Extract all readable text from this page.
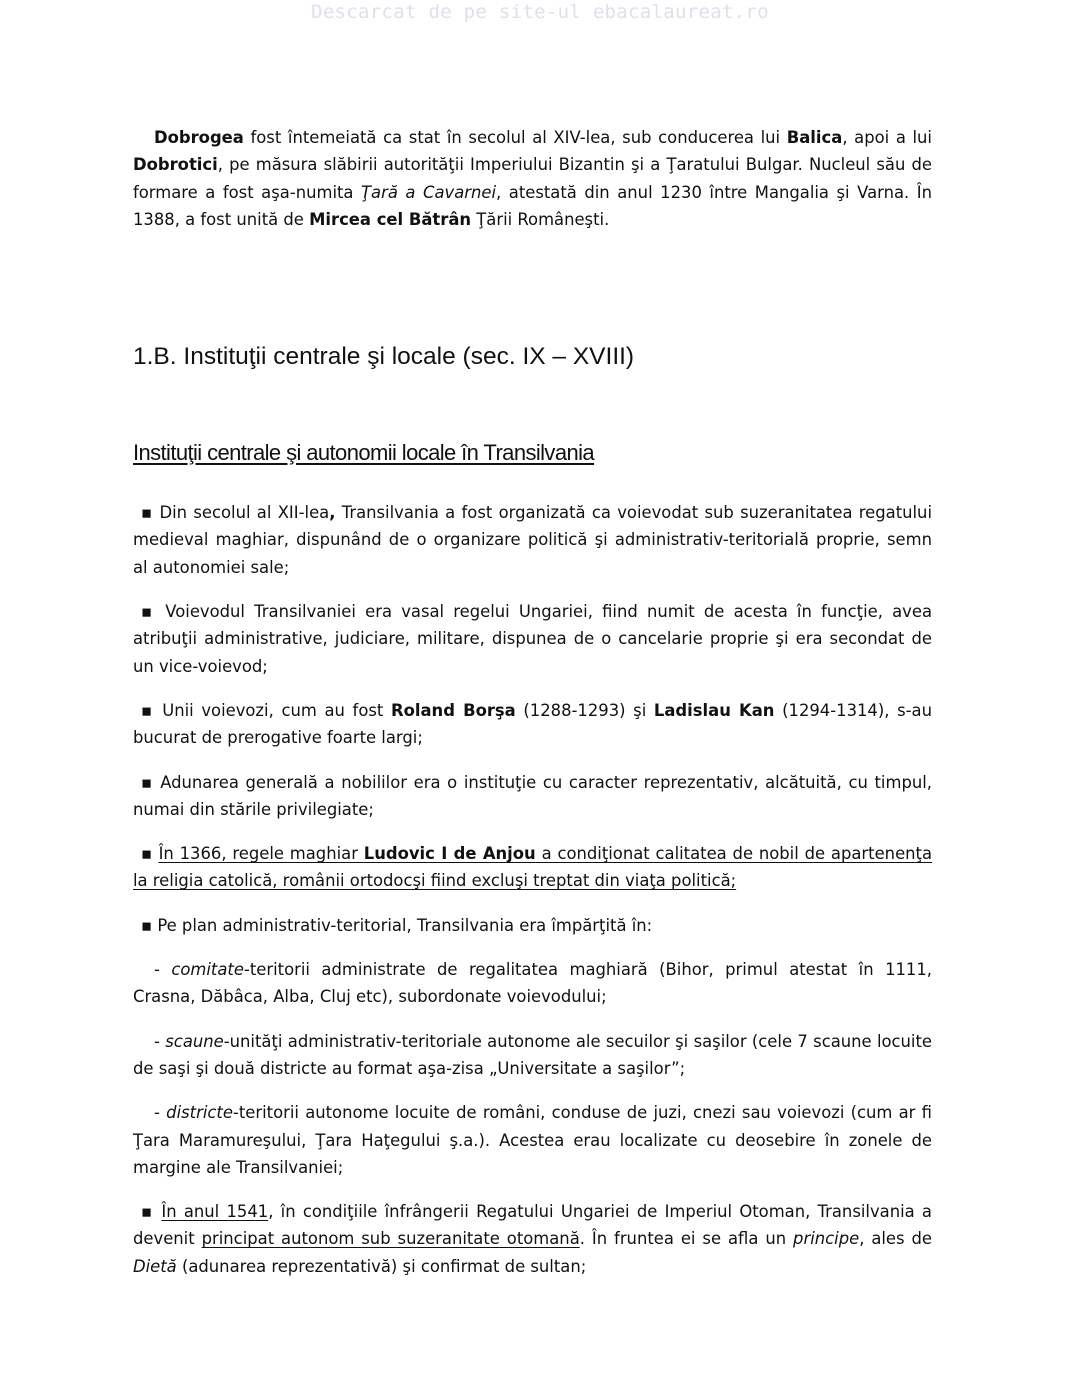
Descarcat de pe site-ul ebacalaureat.ro

Dobrogea fost întemeiată ca stat în secolul al XIV-lea, sub conducerea lui Balica, apoi a lui Dobrotici, pe măsura slăbirii autorităţii Imperiului Bizantin şi a Ţaratului Bulgar. Nucleul său de formare a fost aşa-numita Ţară a Cavarnei, atestată din anul 1230 între Mangalia şi Varna. În 1388, a fost unită de Mircea cel Bătrân Ţării Româneşti.

1.B. Instituţii centrale şi locale (sec. IX – XVIII)
Instituţii centrale şi autonomii locale în Transilvania

▪ Din secolul al XII-lea, Transilvania a fost organizată ca voievodat sub suzeranitatea regatului medieval maghiar, dispunând de o organizare politică şi administrativ-teritorială proprie, semn al autonomiei sale;

▪ Voievodul Transilvaniei era vasal regelui Ungariei, fiind numit de acesta în funcţie, avea atribuţii administrative, judiciare, militare, dispunea de o cancelarie proprie şi era secondat de un vice-voievod;

▪ Unii voievozi, cum au fost Roland Borşa (1288-1293) şi Ladislau Kan (1294-1314), s-au bucurat de prerogative foarte largi;

▪ Adunarea generală a nobililor era o instituţie cu caracter reprezentativ, alcătuită, cu timpul, numai din stările privilegiate;

▪ În 1366, regele maghiar Ludovic I de Anjou a condiţionat calitatea de nobil de apartenenţa la religia catolică, românii ortodocşi fiind excluşi treptat din viaţa politică;

▪ Pe plan administrativ-teritorial, Transilvania era împărţită în:

- comitate-teritorii administrate de regalitatea maghiară (Bihor, primul atestat în 1111, Crasna, Dăbâca, Alba, Cluj etc), subordonate voievodului;

- scaune-unităţi administrativ-teritoriale autonome ale secuilor şi saşilor (cele 7 scaune locuite de saşi şi două districte au format aşa-zisa „Universitate a saşilor”;

- districte-teritorii autonome locuite de români, conduse de juzi, cnezi sau voievozi (cum ar fi Ţara Maramureşului, Ţara Haţegului ş.a.). Acestea erau localizate cu deosebire în zonele de margine ale Transilvaniei;

▪ În anul 1541, în condiţiile înfrângerii Regatului Ungariei de Imperiul Otoman, Transilvania a devenit principat autonom sub suzeranitate otomană. În fruntea ei se afla un principe, ales de Dietă (adunarea reprezentativă) şi confirmat de sultan;
